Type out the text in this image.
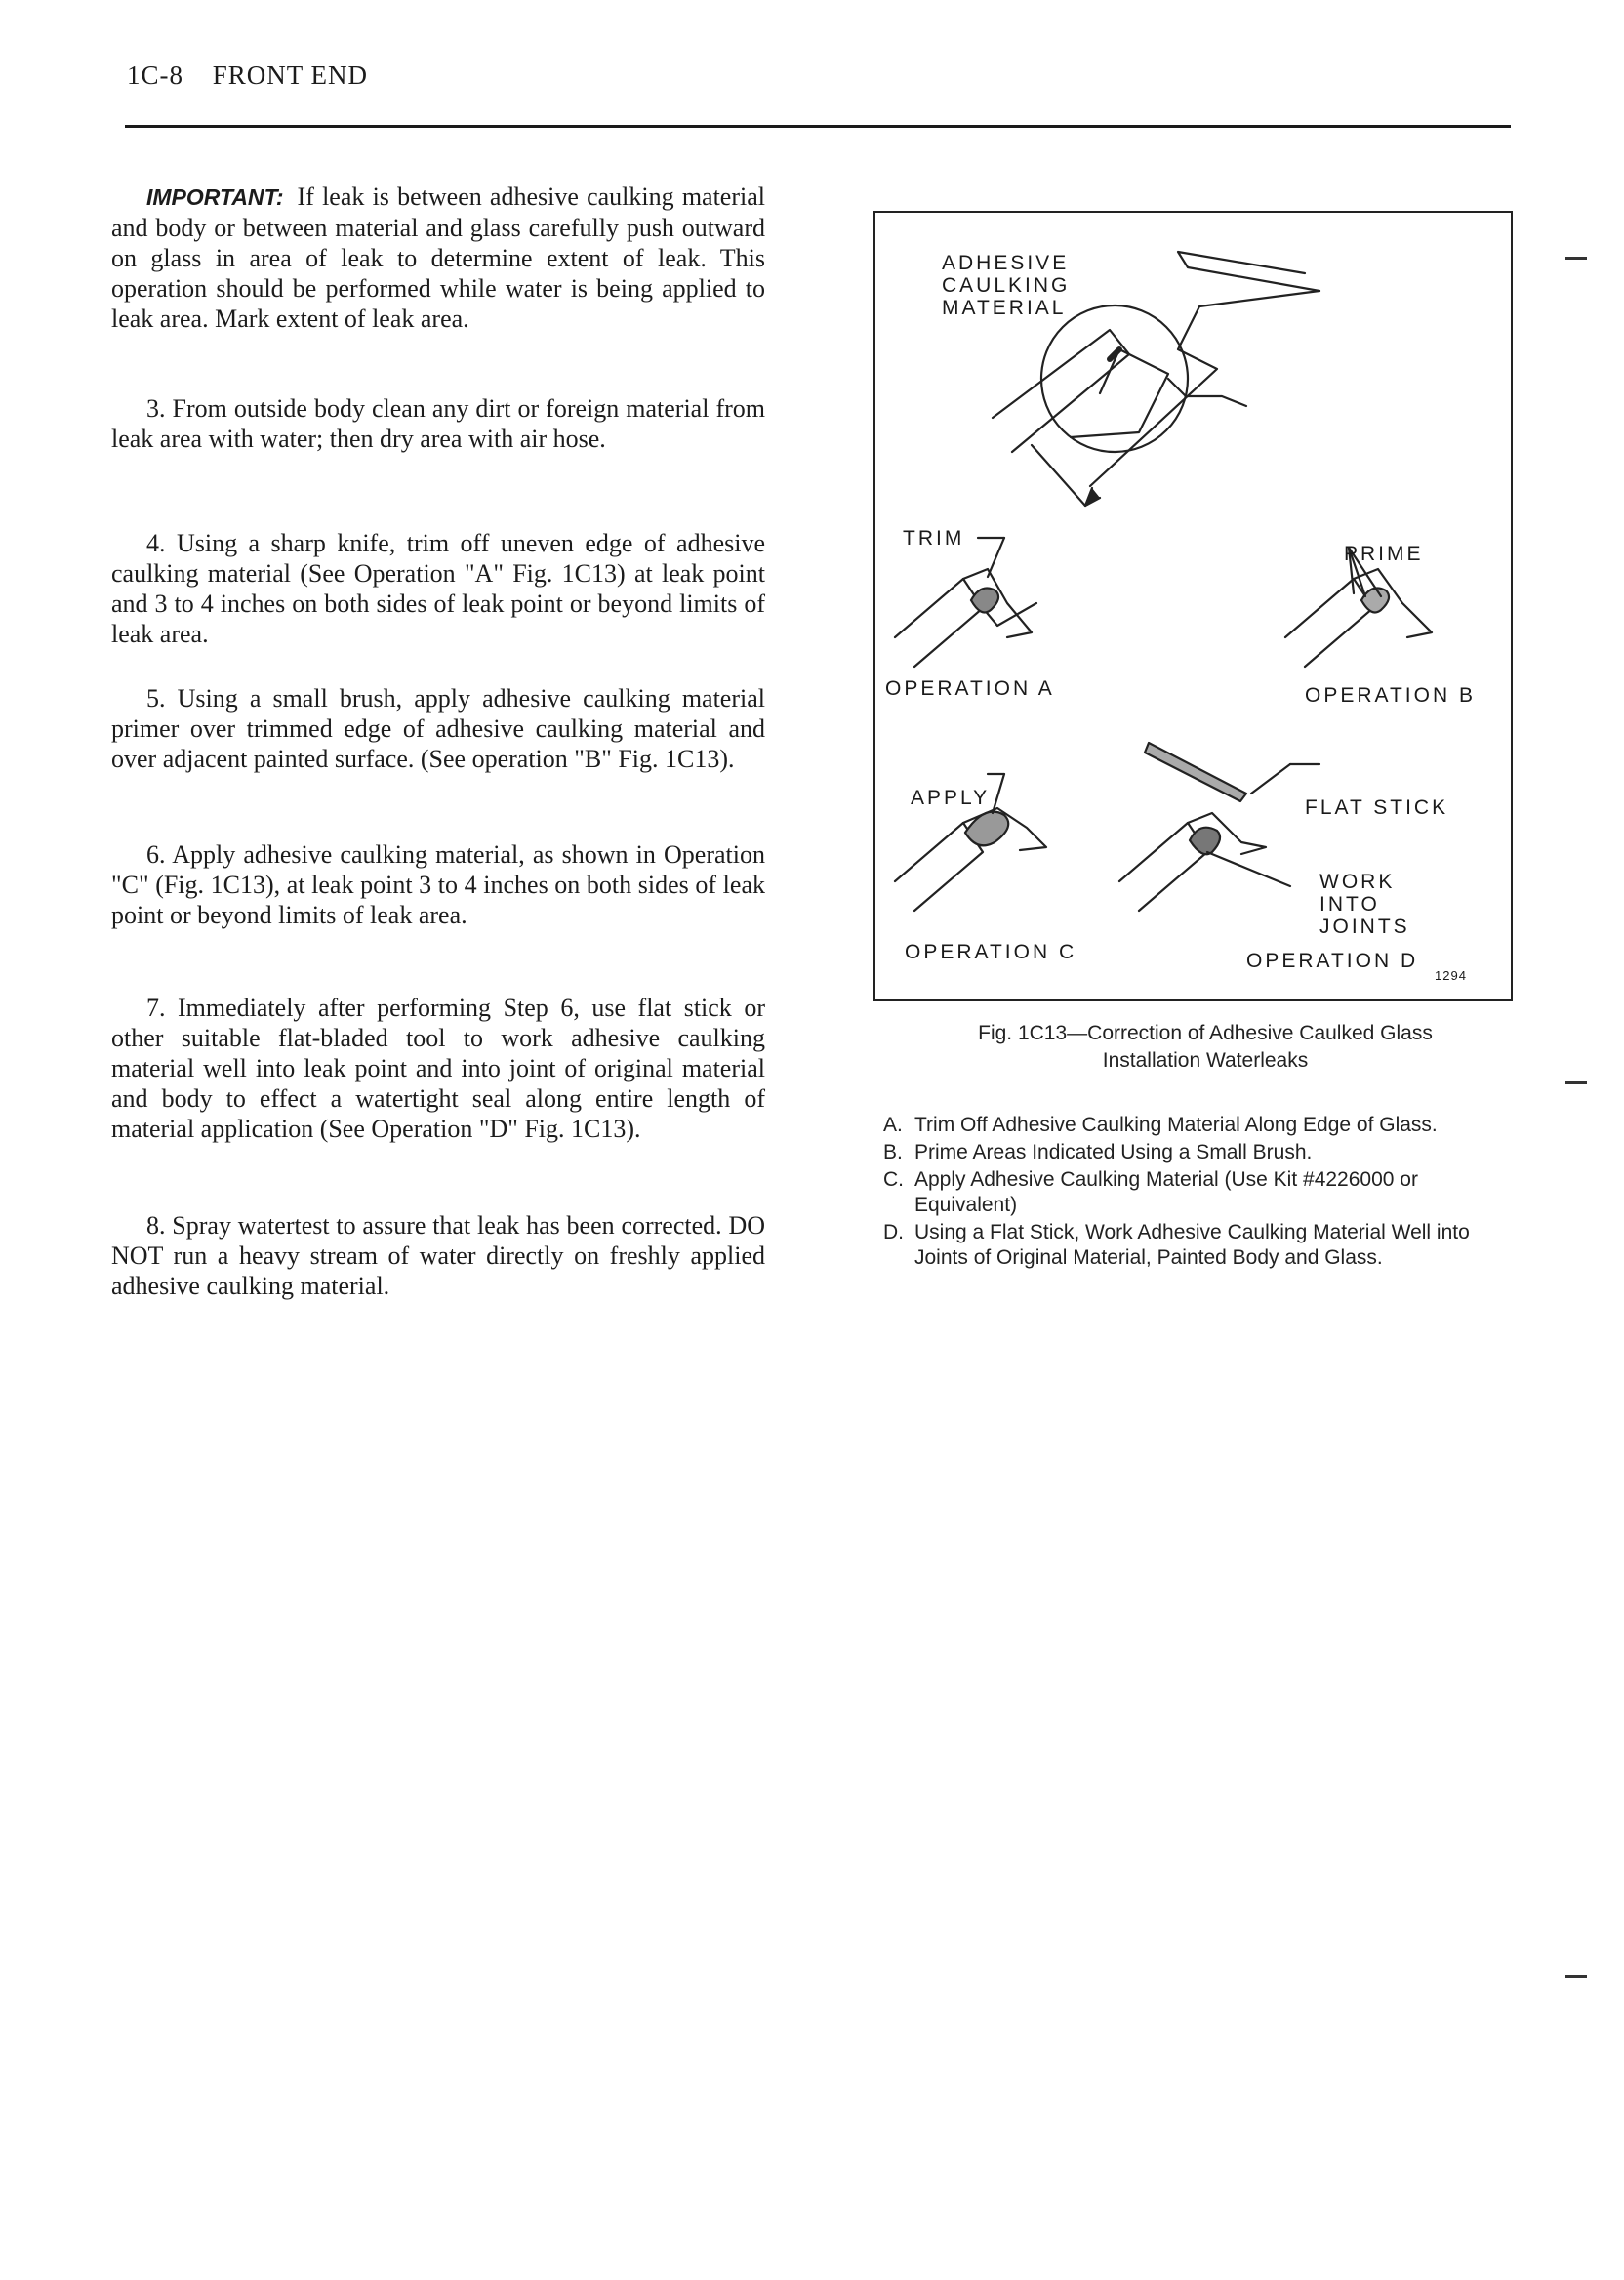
1C-8 FRONT END

IMPORTANT: If leak is between adhesive caulking material and body or between material and glass carefully push outward on glass in area of leak to determine extent of leak. This operation should be performed while water is being applied to leak area. Mark extent of leak area.

3. From outside body clean any dirt or foreign material from leak area with water; then dry area with air hose.

4. Using a sharp knife, trim off uneven edge of adhesive caulking material (See Operation "A" Fig. 1C13) at leak point and 3 to 4 inches on both sides of leak point or beyond limits of leak area.

5. Using a small brush, apply adhesive caulking material primer over trimmed edge of adhesive caulking material and over adjacent painted surface. (See operation "B" Fig. 1C13).

6. Apply adhesive caulking material, as shown in Operation "C" (Fig. 1C13), at leak point 3 to 4 inches on both sides of leak point or beyond limits of leak area.

7. Immediately after performing Step 6, use flat stick or other suitable flat-bladed tool to work adhesive caulking material well into leak point and into joint of original material and body to effect a watertight seal along entire length of material application (See Operation "D" Fig. 1C13).

8. Spray watertest to assure that leak has been corrected. DO NOT run a heavy stream of water directly on freshly applied adhesive caulking material.

ADHESIVE
CAULKING
MATERIAL
TRIM
PRIME
OPERATION A	OPERATION B
APPLY	FLAT STICK
WORK
INTO
JOINTS
OPERATION C	OPERATION D
1294
Fig. 1C13—Correction of Adhesive Caulked Glass
Installation Waterleaks
A. Trim Off Adhesive Caulking Material Along Edge of Glass.
B. Prime Areas Indicated Using a Small Brush.
C. Apply Adhesive Caulking Material (Use Kit #4226000 or Equivalent)
D. Using a Flat Stick, Work Adhesive Caulking Material Well into Joints of Original Material, Painted Body and Glass.
